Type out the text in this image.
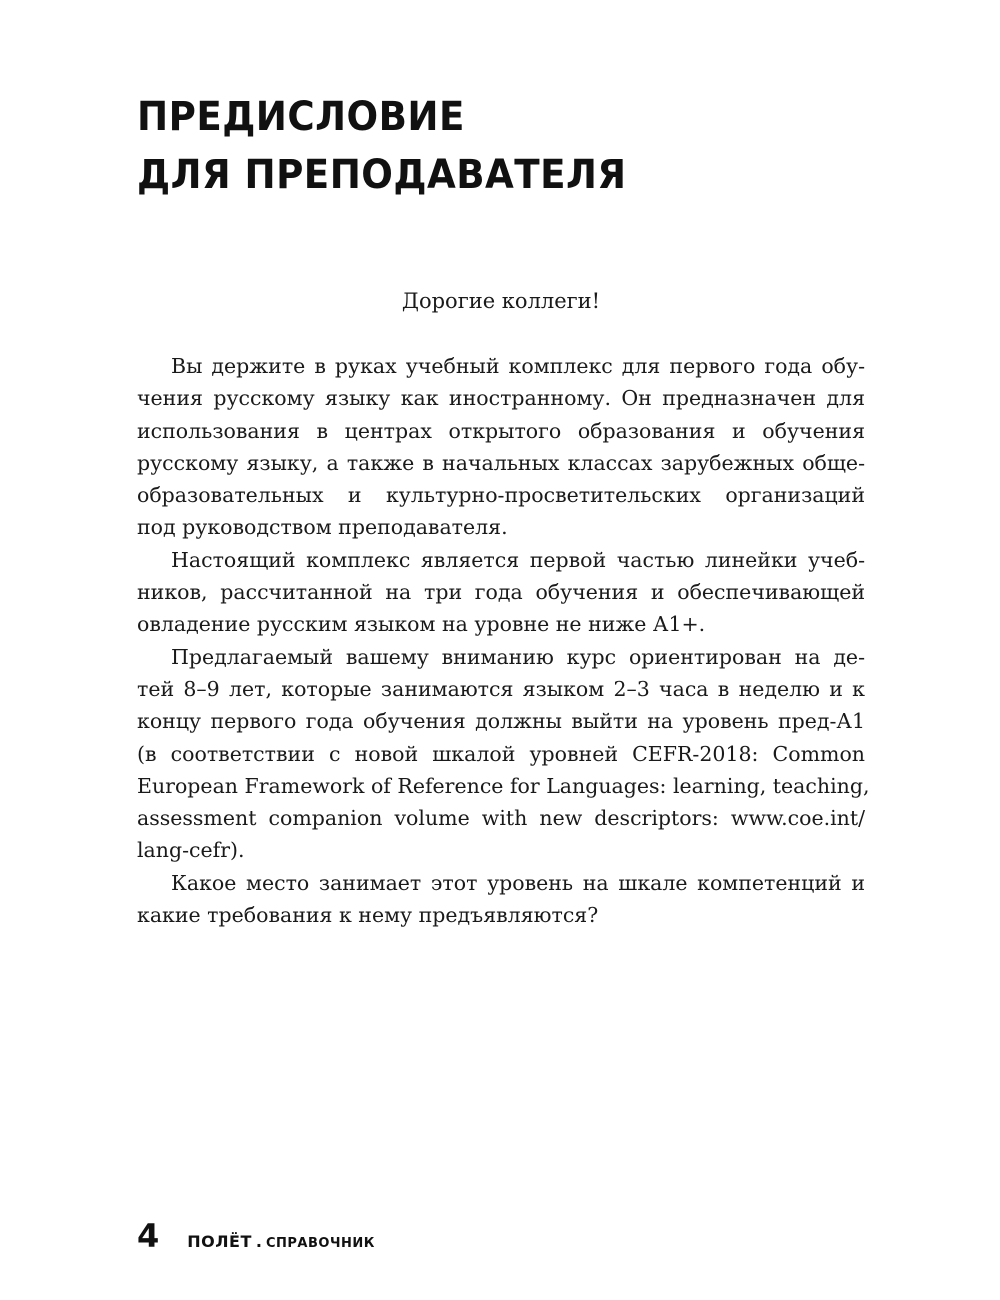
ПРЕДИСЛОВИЕ
ДЛЯ ПРЕПОДАВАТЕЛЯ

Дорогие коллеги!

Вы держите в руках учебный комплекс для первого года обу-
чения русскому языку как иностранному. Он предназначен для
использования в центрах открытого образования и обучения
русскому языку, а также в начальных классах зарубежных обще-
образовательных и культурно-просветительских организаций
под руководством преподавателя.

Настоящий комплекс является первой частью линейки учеб-
ников, рассчитанной на три года обучения и обеспечивающей
овладение русским языком на уровне не ниже А1+.

Предлагаемый вашему вниманию курс ориентирован на де-
тей 8–9 лет, которые занимаются языком 2–3 часа в неделю и к
концу первого года обучения должны выйти на уровень пред-А1
(в соответствии с новой шкалой уровней CEFR-2018: Common
European Framework of Reference for Languages: learning, teaching,
assessment companion volume with new descriptors: www.coe.int/
lang-cefr).

Какое место занимает этот уровень на шкале компетенций и
какие требования к нему предъявляются?

4 ПОЛЁТ . СПРАВОЧНИК
